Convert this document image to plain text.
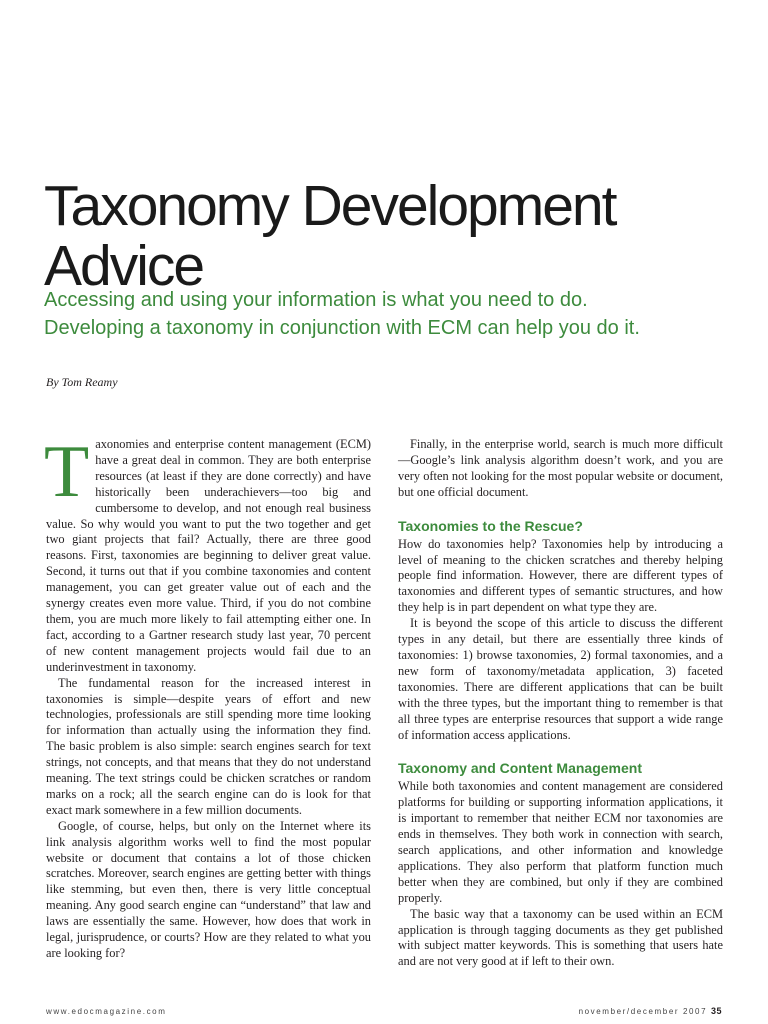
Taxonomy Development
Advice
Accessing and using your information is what you need to do.
Developing a taxonomy in conjunction with ECM can help you do it.
By Tom Reamy

Taxonomies and enterprise content management (ECM) have a great deal in common. They are both enterprise resources (at least if they are done correctly) and have historically been underachievers—too big and cumbersome to develop, and not enough real business value. So why would you want to put the two together and get two giant projects that fail? Actually, there are three good reasons. First, taxonomies are beginning to deliver great value. Second, it turns out that if you combine taxonomies and content management, you can get greater value out of each and the synergy creates even more value. Third, if you do not combine them, you are much more likely to fail attempting either one. In fact, according to a Gartner research study last year, 70 percent of new content management projects would fail due to an underinvestment in taxonomy.

The fundamental reason for the increased interest in taxonomies is simple—despite years of effort and new technologies, professionals are still spending more time looking for information than actually using the information they find. The basic problem is also simple: search engines search for text strings, not concepts, and that means that they do not understand meaning. The text strings could be chicken scratches or random marks on a rock; all the search engine can do is look for that exact mark somewhere in a few million documents.

Google, of course, helps, but only on the Internet where its link analysis algorithm works well to find the most popular website or document that contains a lot of those chicken scratches. Moreover, search engines are getting better with things like stemming, but even then, there is very little conceptual meaning. Any good search engine can “understand” that law and laws are essentially the same. However, how does that work in legal, jurisprudence, or courts? How are they related to what you are looking for?

Finally, in the enterprise world, search is much more difficult—Google’s link analysis algorithm doesn’t work, and you are very often not looking for the most popular website or document, but one official document.

Taxonomies to the Rescue?

How do taxonomies help? Taxonomies help by introducing a level of meaning to the chicken scratches and thereby helping people find information. However, there are different types of taxonomies and different types of semantic structures, and how they help is in part dependent on what type they are.

It is beyond the scope of this article to discuss the different types in any detail, but there are essentially three kinds of taxonomies: 1) browse taxonomies, 2) formal taxonomies, and a new form of taxonomy/metadata application, 3) faceted taxonomies. There are different applications that can be built with the three types, but the important thing to remember is that all three types are enterprise resources that support a wide range of information access applications.

Taxonomy and Content Management

While both taxonomies and content management are considered platforms for building or supporting information applications, it is important to remember that neither ECM nor taxonomies are ends in themselves. They both work in connection with search, search applications, and other information and knowledge applications. They also perform that platform function much better when they are combined, but only if they are combined properly.

The basic way that a taxonomy can be used within an ECM application is through tagging documents as they get published with subject matter keywords. This is something that users hate and are not very good at if left to their own.

www.edocmagazine.com	november/december 2007 35
